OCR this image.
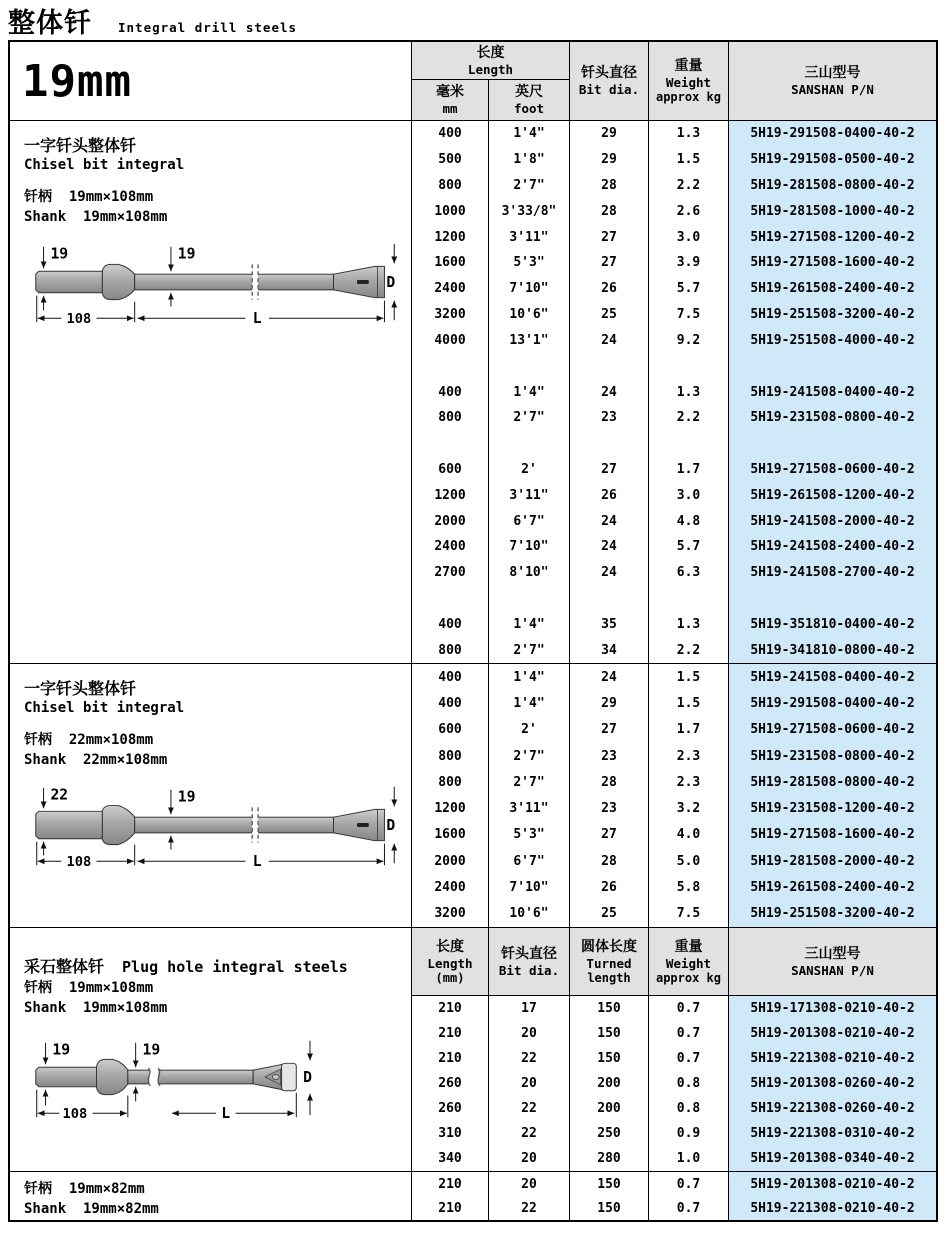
整体钎 Integral drill steels
19mm
长度
Length
毫米
mm
英尺
foot
钎头直径
Bit dia.
重量
Weight
approx kg
三山型号
SANSHAN P/N
一字钎头整体钎
Chisel bit integral
钎柄  19mm×108mm
Shank  19mm×108mm
19	19
D
108	L
400	1'4"	29	1.3	5H19-291508-0400-40-2
500	1'8"	29	1.5	5H19-291508-0500-40-2
800	2'7"	28	2.2	5H19-281508-0800-40-2
1000	3'33/8"	28	2.6	5H19-281508-1000-40-2
1200	3'11"	27	3.0	5H19-271508-1200-40-2
1600	5'3"	27	3.9	5H19-271508-1600-40-2
2400	7'10"	26	5.7	5H19-261508-2400-40-2
3200	10'6"	25	7.5	5H19-251508-3200-40-2
4000	13'1"	24	9.2	5H19-251508-4000-40-2
400	1'4"	24	1.3	5H19-241508-0400-40-2
800	2'7"	23	2.2	5H19-231508-0800-40-2
600	2'	27	1.7	5H19-271508-0600-40-2
1200	3'11"	26	3.0	5H19-261508-1200-40-2
2000	6'7"	24	4.8	5H19-241508-2000-40-2
2400	7'10"	24	5.7	5H19-241508-2400-40-2
2700	8'10"	24	6.3	5H19-241508-2700-40-2
400	1'4"	35	1.3	5H19-351810-0400-40-2
800	2'7"	34	2.2	5H19-341810-0800-40-2
一字钎头整体钎
Chisel bit integral
钎柄  22mm×108mm
Shank  22mm×108mm
22	19
D
108	L
400	1'4"	24	1.5	5H19-241508-0400-40-2
400	1'4"	29	1.5	5H19-291508-0400-40-2
600	2'	27	1.7	5H19-271508-0600-40-2
800	2'7"	23	2.3	5H19-231508-0800-40-2
800	2'7"	28	2.3	5H19-281508-0800-40-2
1200	3'11"	23	3.2	5H19-231508-1200-40-2
1600	5'3"	27	4.0	5H19-271508-1600-40-2
2000	6'7"	28	5.0	5H19-281508-2000-40-2
2400	7'10"	26	5.8	5H19-261508-2400-40-2
3200	10'6"	25	7.5	5H19-251508-3200-40-2
采石整体钎 Plug hole integral steels
钎柄  19mm×108mm
Shank  19mm×108mm
19	19
D
108	L
长度
Length
(mm)
钎头直径
Bit dia.
圆体长度
Turned
length
重量
Weight
approx kg
三山型号
SANSHAN P/N
210	17	150	0.7	5H19-171308-0210-40-2
210	20	150	0.7	5H19-201308-0210-40-2
210	22	150	0.7	5H19-221308-0210-40-2
260	20	200	0.8	5H19-201308-0260-40-2
260	22	200	0.8	5H19-221308-0260-40-2
310	22	250	0.9	5H19-221308-0310-40-2
340	20	280	1.0	5H19-201308-0340-40-2
钎柄  19mm×82mm
Shank  19mm×82mm
210	20	150	0.7	5H19-201308-0210-40-2
210	22	150	0.7	5H19-221308-0210-40-2
